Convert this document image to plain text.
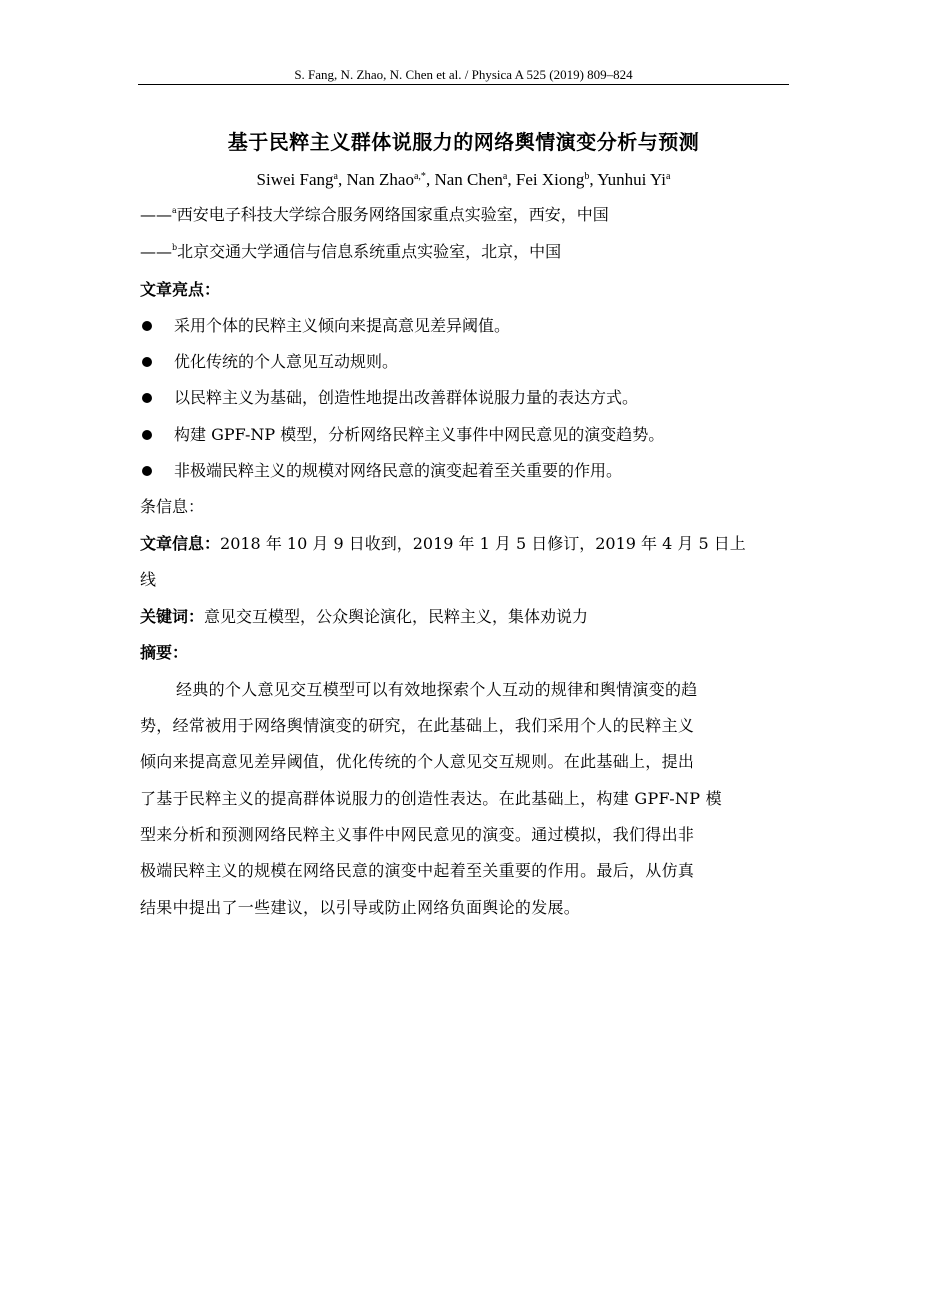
S. Fang, N. Zhao, N. Chen et al. / Physica A 525 (2019) 809–824
基于民粹主义群体说服力的网络舆情演变分析与预测
Siwei Fang$^a$, Nan Zhao$^{a,*}$, Nan Chen$^a$, Fei Xiong$^b$, Yunhui Yi$^a$
——$^a$西安电子科技大学综合服务网络国家重点实验室，西安，中国
——$^b$北京交通大学通信与信息系统重点实验室，北京，中国
文章亮点：
采用个体的民粹主义倾向来提高意见差异阈值。
优化传统的个人意见互动规则。
以民粹主义为基础，创造性地提出改善群体说服力量的表达方式。
构建 GPF-NP 模型，分析网络民粹主义事件中网民意见的演变趋势。
非极端民粹主义的规模对网络民意的演变起着至关重要的作用。
条信息：
文章信息：2018 年 10 月 9 日收到，2019 年 1 月 5 日修订，2019 年 4 月 5 日上
线
关键词：意见交互模型，公众舆论演化，民粹主义，集体劝说力
摘要：
经典的个人意见交互模型可以有效地探索个人互动的规律和舆情演变的趋
势，经常被用于网络舆情演变的研究，在此基础上，我们采用个人的民粹主义
倾向来提高意见差异阈值，优化传统的个人意见交互规则。在此基础上，提出
了基于民粹主义的提高群体说服力的创造性表达。在此基础上，构建 GPF-NP 模
型来分析和预测网络民粹主义事件中网民意见的演变。通过模拟，我们得出非
极端民粹主义的规模在网络民意的演变中起着至关重要的作用。最后，从仿真
结果中提出了一些建议，以引导或防止网络负面舆论的发展。
